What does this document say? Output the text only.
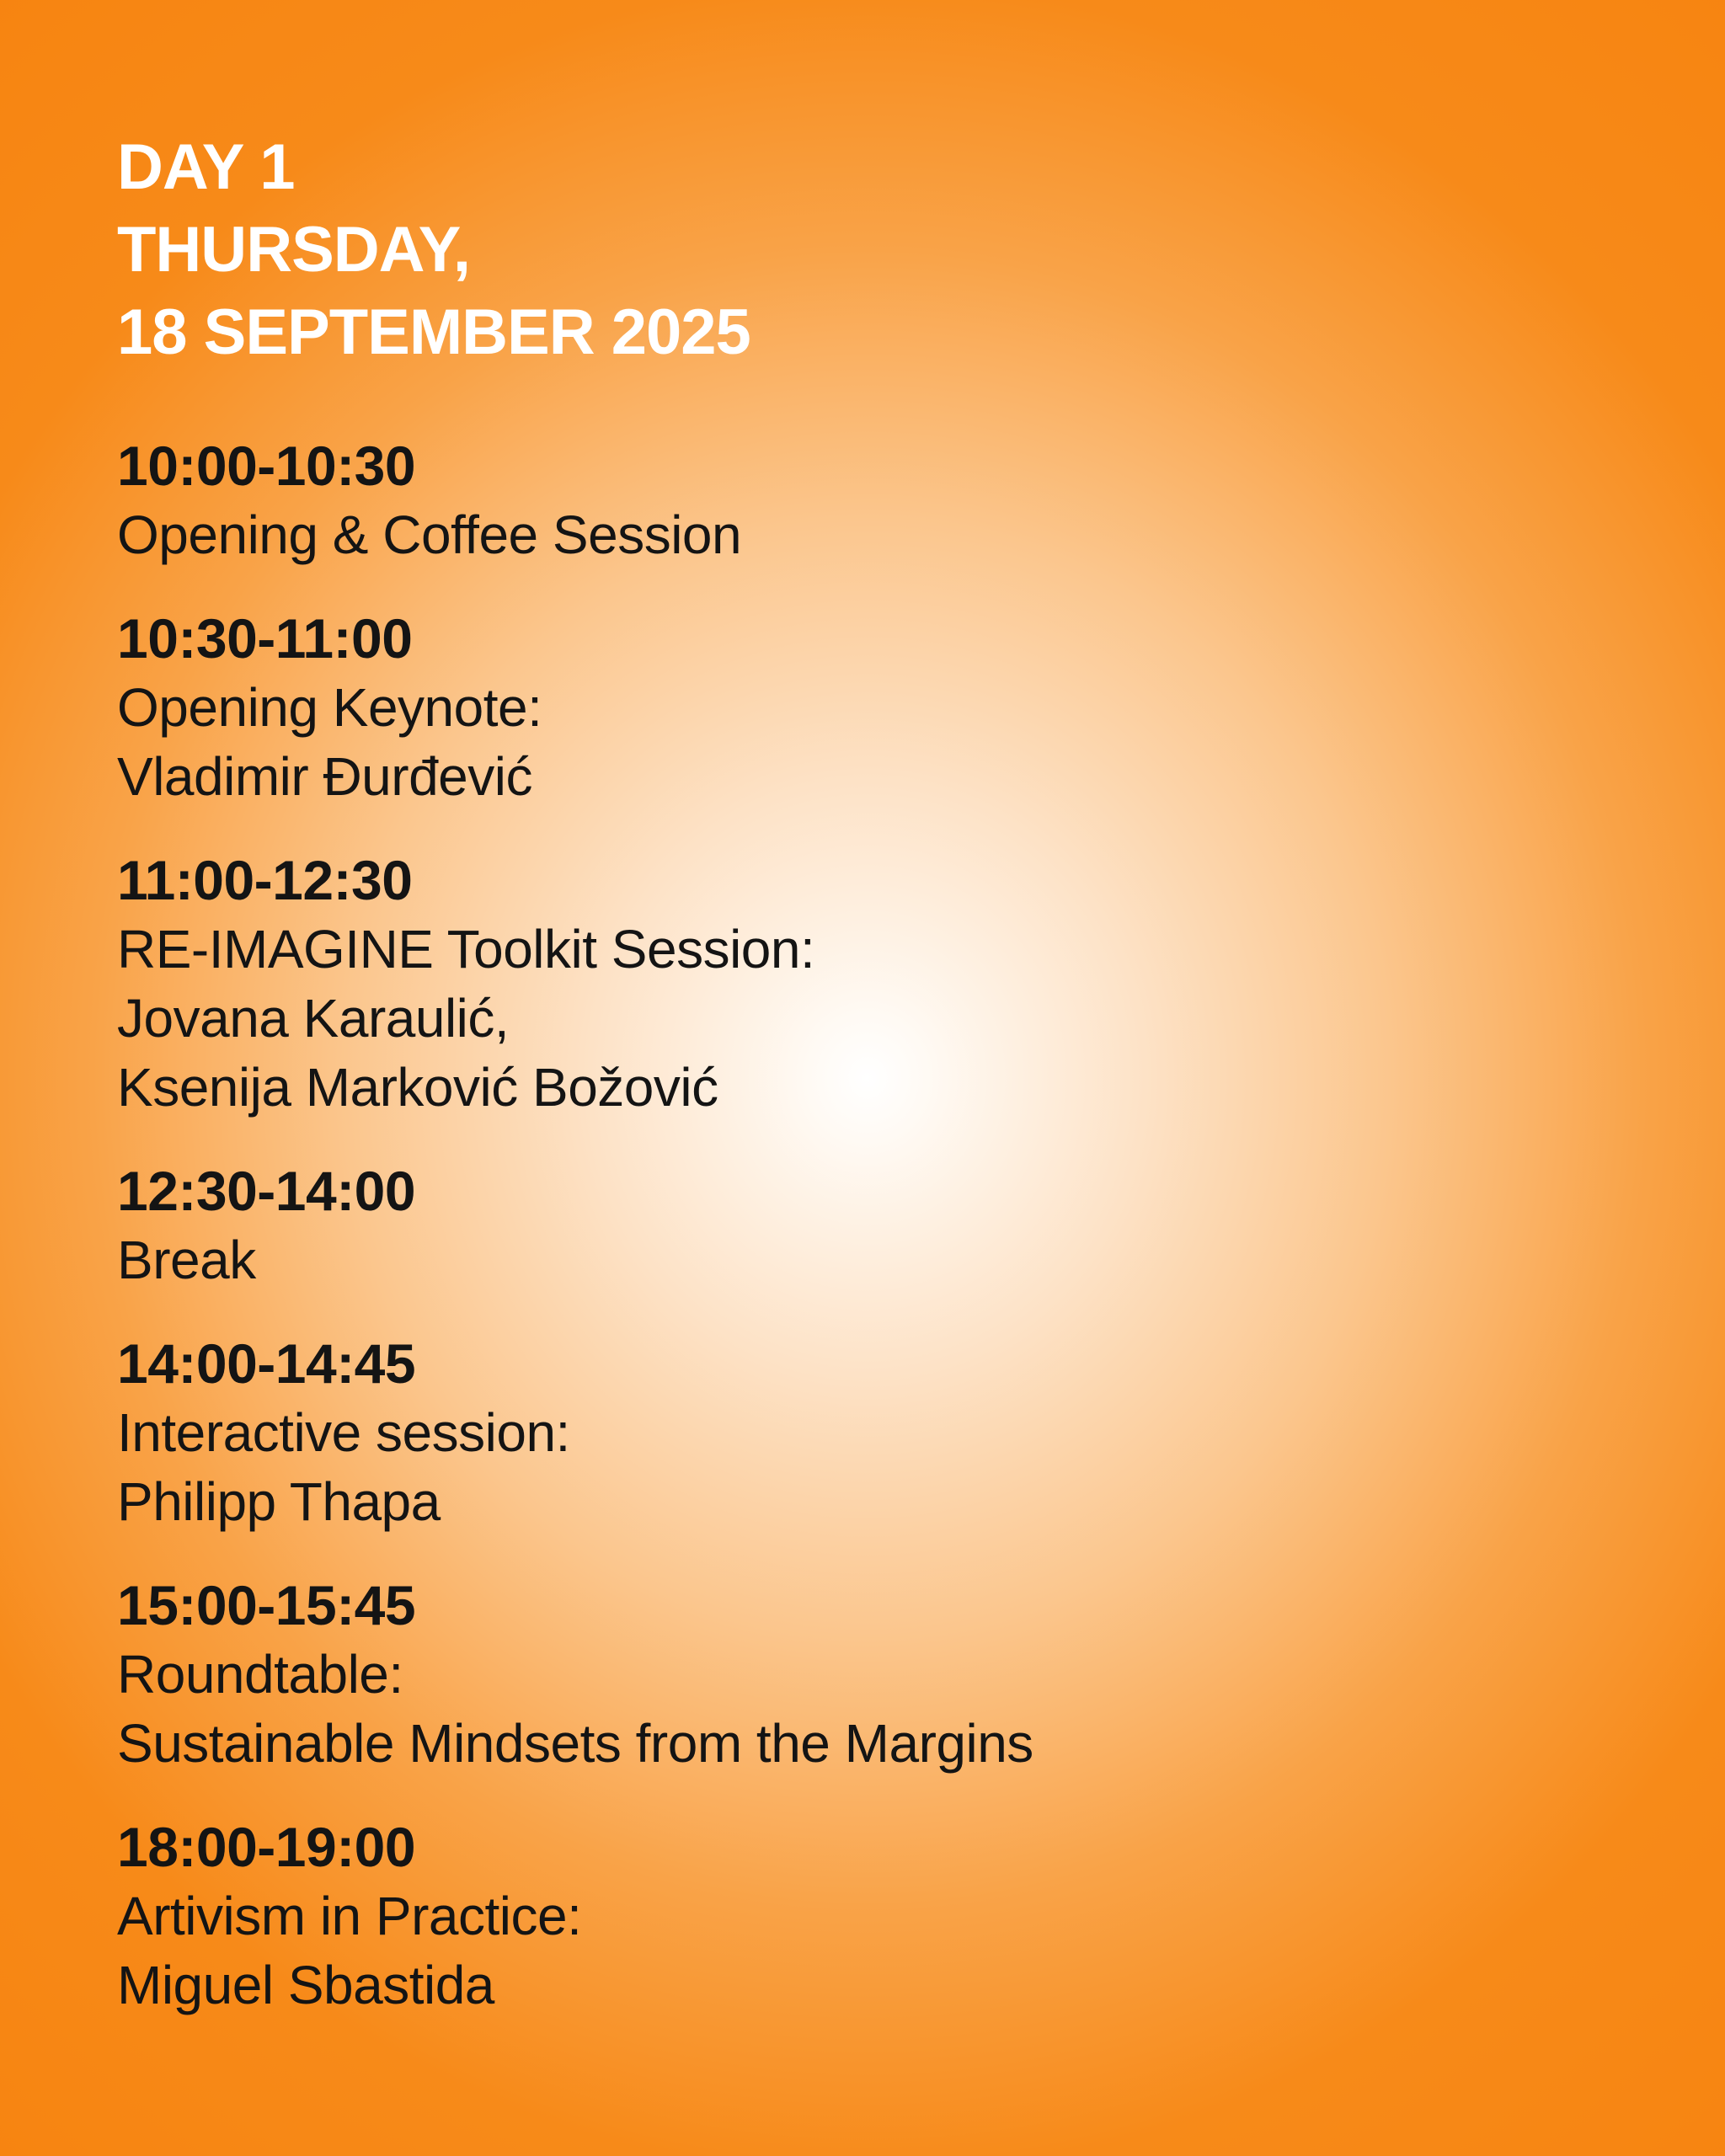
DAY 1
THURSDAY,
18 SEPTEMBER 2025
10:00-10:30
Opening & Coffee Session
10:30-11:00
Opening Keynote:
Vladimir Đurđević
11:00-12:30
RE-IMAGINE Toolkit Session:
Jovana Karaulić,
Ksenija Marković Božović
12:30-14:00
Break
14:00-14:45
Interactive session:
Philipp Thapa
15:00-15:45
Roundtable:
Sustainable Mindsets from the Margins
18:00-19:00
Artivism in Practice:
Miguel Sbastida
